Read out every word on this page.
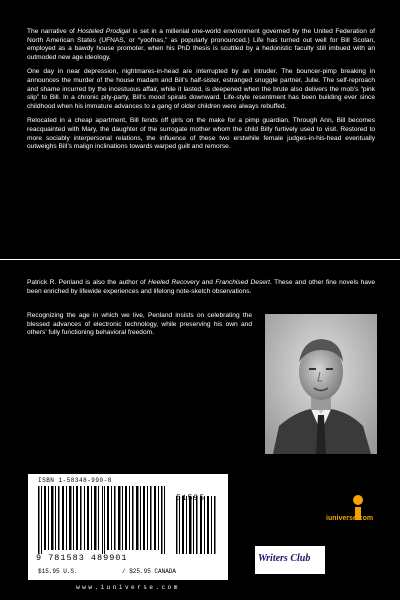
The narrative of Hosteled Prodigal is set in a millenial one-world environment governed by the United Federation of North American States (UFNAS, or “yoofnas,” as popularly pronounced.) Life has turned out well for Bill Scolan, employed as a bawdy house promoter, when his PhD thesis is scuttled by a hedonistic faculty still imbued with an outmoded new age ideology.

One day in near depression, nightmares-in-head are interrupted by an intruder. The bouncer-pimp breaking in announces the murder of the house madam and Bill’s half-sister, estranged snuggle partner, Julie. The self-reproach and shame incurred by the incestuous affair, while it lasted, is deepened when the brute also delivers the mob’s “pink slip” to Bill. In a chronic pity-party, Bill’s mood spirals downward. Life-style resentment has been building ever since childhood when his immature advances to a gang of older children were always rebuffed.

Relocated in a cheap apartment, Bill fends off girls on the make for a pimp guardian. Through Ann, Bill becomes reacquainted with Mary, the daughter of the surrogate mother whom the child Billy furtively used to visit. Restored to more sociably interpersonal relations, the influence of these two erstwhile female judges-in-his-head eventually outweighs Bill’s malign inclinations towards warped guilt and remorse.

Patrick R. Penland is also the author of Heeled Recovery and Franchised Desert. These and other fine novels have been enriched by lifewide experiences and lifelong note-sketch observations.

Recognizing the age in which we live, Penland insists on celebrating the blessed advances of electronic technology, while preserving his own and others’ fully functioning behavioral freedom.
ISBN 1-58348-990-8
51595
9 781583 489901
$15.95 U.S.	/ $25.95 CANADA
www.iuniverse.com
iuniverse.com
Writers Club
